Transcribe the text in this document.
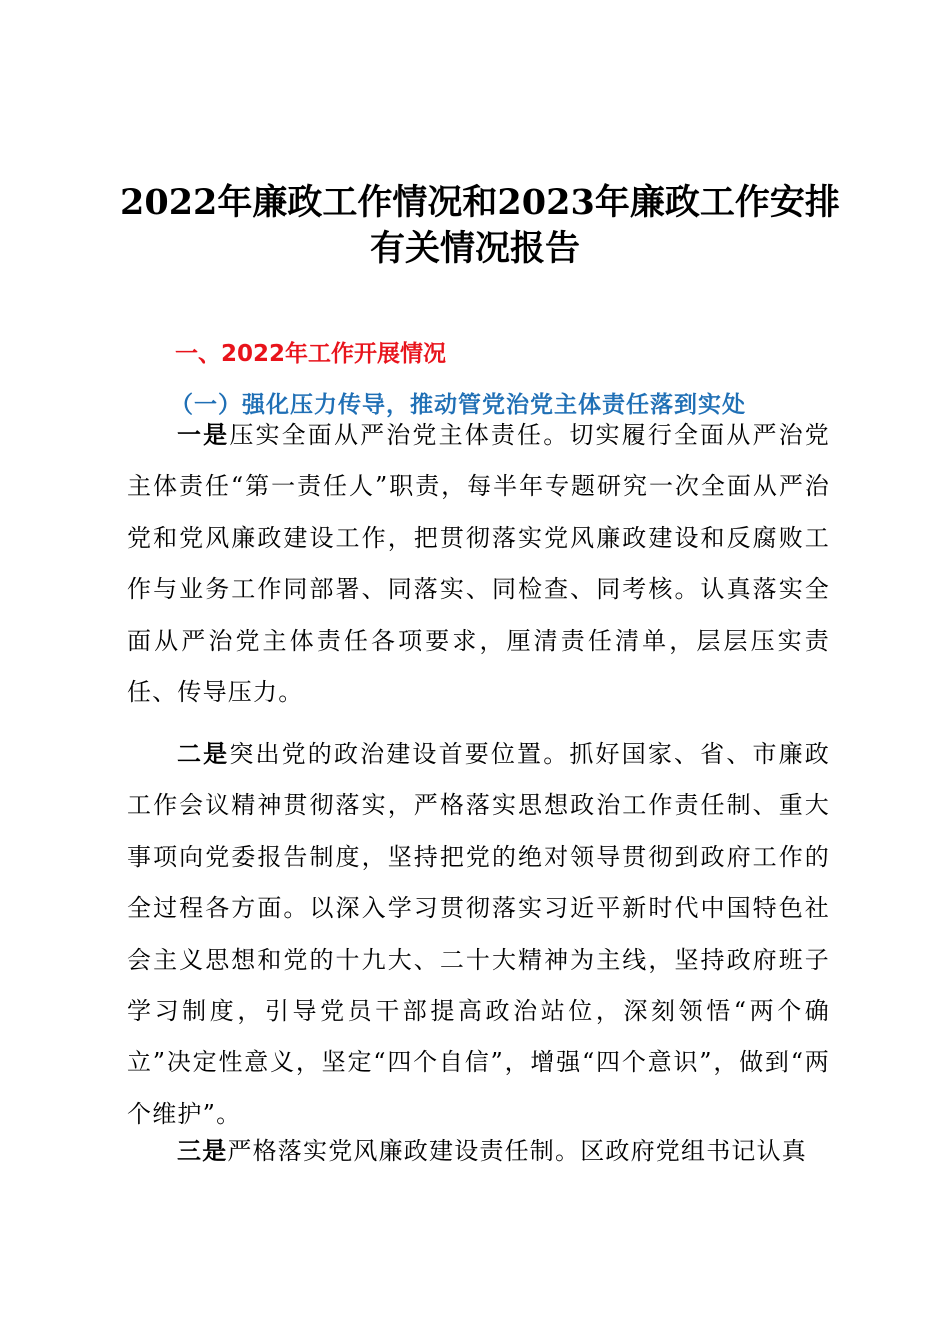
2022年廉政工作情况和2023年廉政工作安排
有关情况报告
一、2022年工作开展情况
（一）强化压力传导，推动管党治党主体责任落到实处

一是压实全面从严治党主体责任。切实履行全面从严治党主体责任“第一责任人”职责，每半年专题研究一次全面从严治党和党风廉政建设工作，把贯彻落实党风廉政建设和反腐败工作与业务工作同部署、同落实、同检查、同考核。认真落实全面从严治党主体责任各项要求，厘清责任清单，层层压实责任、传导压力。

二是突出党的政治建设首要位置。抓好国家、省、市廉政工作会议精神贯彻落实，严格落实思想政治工作责任制、重大事项向党委报告制度，坚持把党的绝对领导贯彻到政府工作的全过程各方面。以深入学习贯彻落实习近平新时代中国特色社会主义思想和党的十九大、二十大精神为主线，坚持政府班子学习制度，引导党员干部提高政治站位，深刻领悟“两个确立”决定性意义，坚定“四个自信”，增强“四个意识”，做到“两个维护”。

三是严格落实党风廉政建设责任制。区政府党组书记认真
